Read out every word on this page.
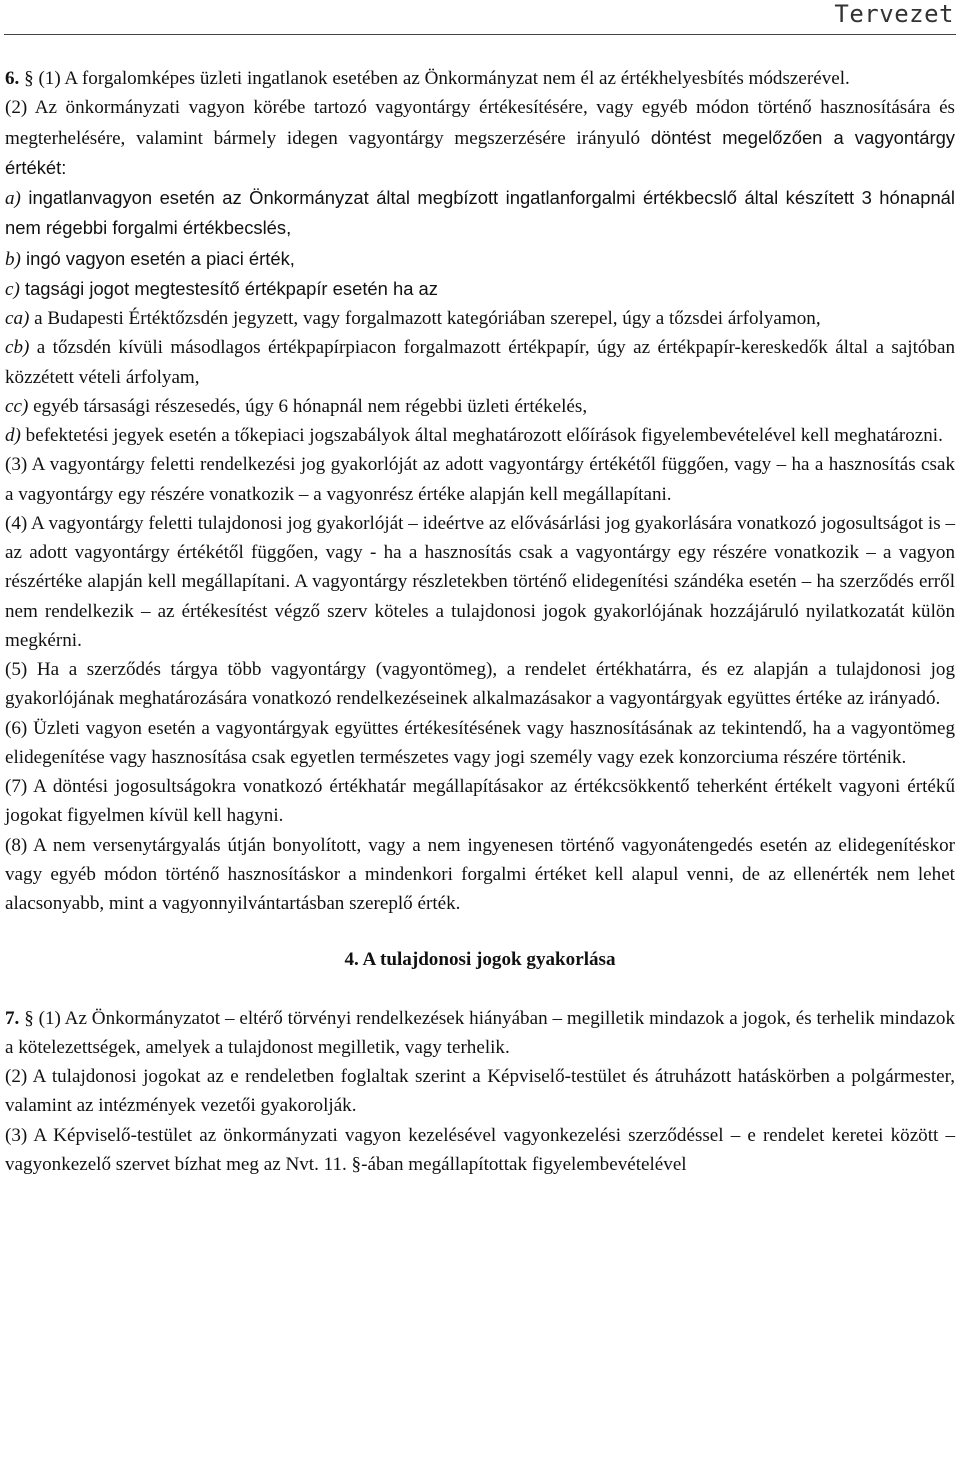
Tervezet

6. § (1) A forgalomképes üzleti ingatlanok esetében az Önkormányzat nem él az értékhelyesbítés módszerével.

(2) Az önkormányzati vagyon körébe tartozó vagyontárgy értékesítésére, vagy egyéb módon történő hasznosítására és megterhelésére, valamint bármely idegen vagyontárgy megszerzésére irányuló döntést megelőzően a vagyontárgy értékét:

a) ingatlanvagyon esetén az Önkormányzat által megbízott ingatlanforgalmi értékbecslő által készített 3 hónapnál nem régebbi forgalmi értékbecslés,

b) ingó vagyon esetén a piaci érték,

c) tagsági jogot megtestesítő értékpapír esetén ha az

ca) a Budapesti Értéktőzsdén jegyzett, vagy forgalmazott kategóriában szerepel, úgy a tőzsdei árfolyamon,

cb) a tőzsdén kívüli másodlagos értékpapírpiacon forgalmazott értékpapír, úgy az értékpapír-kereskedők által a sajtóban közzétett vételi árfolyam,

cc) egyéb társasági részesedés, úgy 6 hónapnál nem régebbi üzleti értékelés,

d) befektetési jegyek esetén a tőkepiaci jogszabályok által meghatározott előírások figyelembevételével kell meghatározni.

(3) A vagyontárgy feletti rendelkezési jog gyakorlóját az adott vagyontárgy értékétől függően, vagy – ha a hasznosítás csak a vagyontárgy egy részére vonatkozik – a vagyonrész értéke alapján kell megállapítani.

(4) A vagyontárgy feletti tulajdonosi jog gyakorlóját – ideértve az elővásárlási jog gyakorlására vonatkozó jogosultságot is – az adott vagyontárgy értékétől függően, vagy - ha a hasznosítás csak a vagyontárgy egy részére vonatkozik – a vagyon részértéke alapján kell megállapítani. A vagyontárgy részletekben történő elidegenítési szándéka esetén – ha szerződés erről nem rendelkezik – az értékesítést végző szerv köteles a tulajdonosi jogok gyakorlójának hozzájáruló nyilatkozatát külön megkérni.

(5) Ha a szerződés tárgya több vagyontárgy (vagyontömeg), a rendelet értékhatárra, és ez alapján a tulajdonosi jog gyakorlójának meghatározására vonatkozó rendelkezéseinek alkalmazásakor a vagyontárgyak együttes értéke az irányadó.

(6) Üzleti vagyon esetén a vagyontárgyak együttes értékesítésének vagy hasznosításának az tekintendő, ha a vagyontömeg elidegenítése vagy hasznosítása csak egyetlen természetes vagy jogi személy vagy ezek konzorciuma részére történik.

(7) A döntési jogosultságokra vonatkozó értékhatár megállapításakor az értékcsökkentő teherként értékelt vagyoni értékű jogokat figyelmen kívül kell hagyni.

(8) A nem versenytárgyalás útján bonyolított, vagy a nem ingyenesen történő vagyonátengedés esetén az elidegenítéskor vagy egyéb módon történő hasznosításkor a mindenkori forgalmi értéket kell alapul venni, de az ellenérték nem lehet alacsonyabb, mint a vagyonnyilvántartásban szereplő érték.

4. A tulajdonosi jogok gyakorlása

7. § (1) Az Önkormányzatot – eltérő törvényi rendelkezések hiányában – megilletik mindazok a jogok, és terhelik mindazok a kötelezettségek, amelyek a tulajdonost megilletik, vagy terhelik.

(2) A tulajdonosi jogokat az e rendeletben foglaltak szerint a Képviselő-testület és átruházott hatáskörben a polgármester, valamint az intézmények vezetői gyakorolják.

(3) A Képviselő-testület az önkormányzati vagyon kezelésével vagyonkezelési szerződéssel – e rendelet keretei között – vagyonkezelő szervet bízhat meg az Nvt. 11. §-ában megállapítottak figyelembevételével
